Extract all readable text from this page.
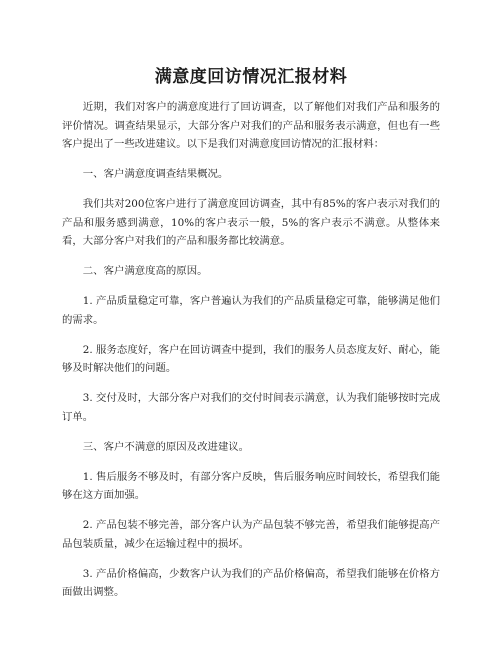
满意度回访情况汇报材料

近期，我们对客户的满意度进行了回访调查，以了解他们对我们产品和服务的评价情况。调查结果显示，大部分客户对我们的产品和服务表示满意，但也有一些客户提出了一些改进建议。以下是我们对满意度回访情况的汇报材料：

一、客户满意度调查结果概况。

我们共对200位客户进行了满意度回访调查，其中有85%的客户表示对我们的产品和服务感到满意，10%的客户表示一般，5%的客户表示不满意。从整体来看，大部分客户对我们的产品和服务都比较满意。

二、客户满意度高的原因。

1. 产品质量稳定可靠，客户普遍认为我们的产品质量稳定可靠，能够满足他们的需求。

2. 服务态度好，客户在回访调查中提到，我们的服务人员态度友好、耐心，能够及时解决他们的问题。

3. 交付及时，大部分客户对我们的交付时间表示满意，认为我们能够按时完成订单。

三、客户不满意的原因及改进建议。

1. 售后服务不够及时，有部分客户反映，售后服务响应时间较长，希望我们能够在这方面加强。

2. 产品包装不够完善，部分客户认为产品包装不够完善，希望我们能够提高产品包装质量，减少在运输过程中的损坏。

3. 产品价格偏高，少数客户认为我们的产品价格偏高，希望我们能够在价格方面做出调整。
